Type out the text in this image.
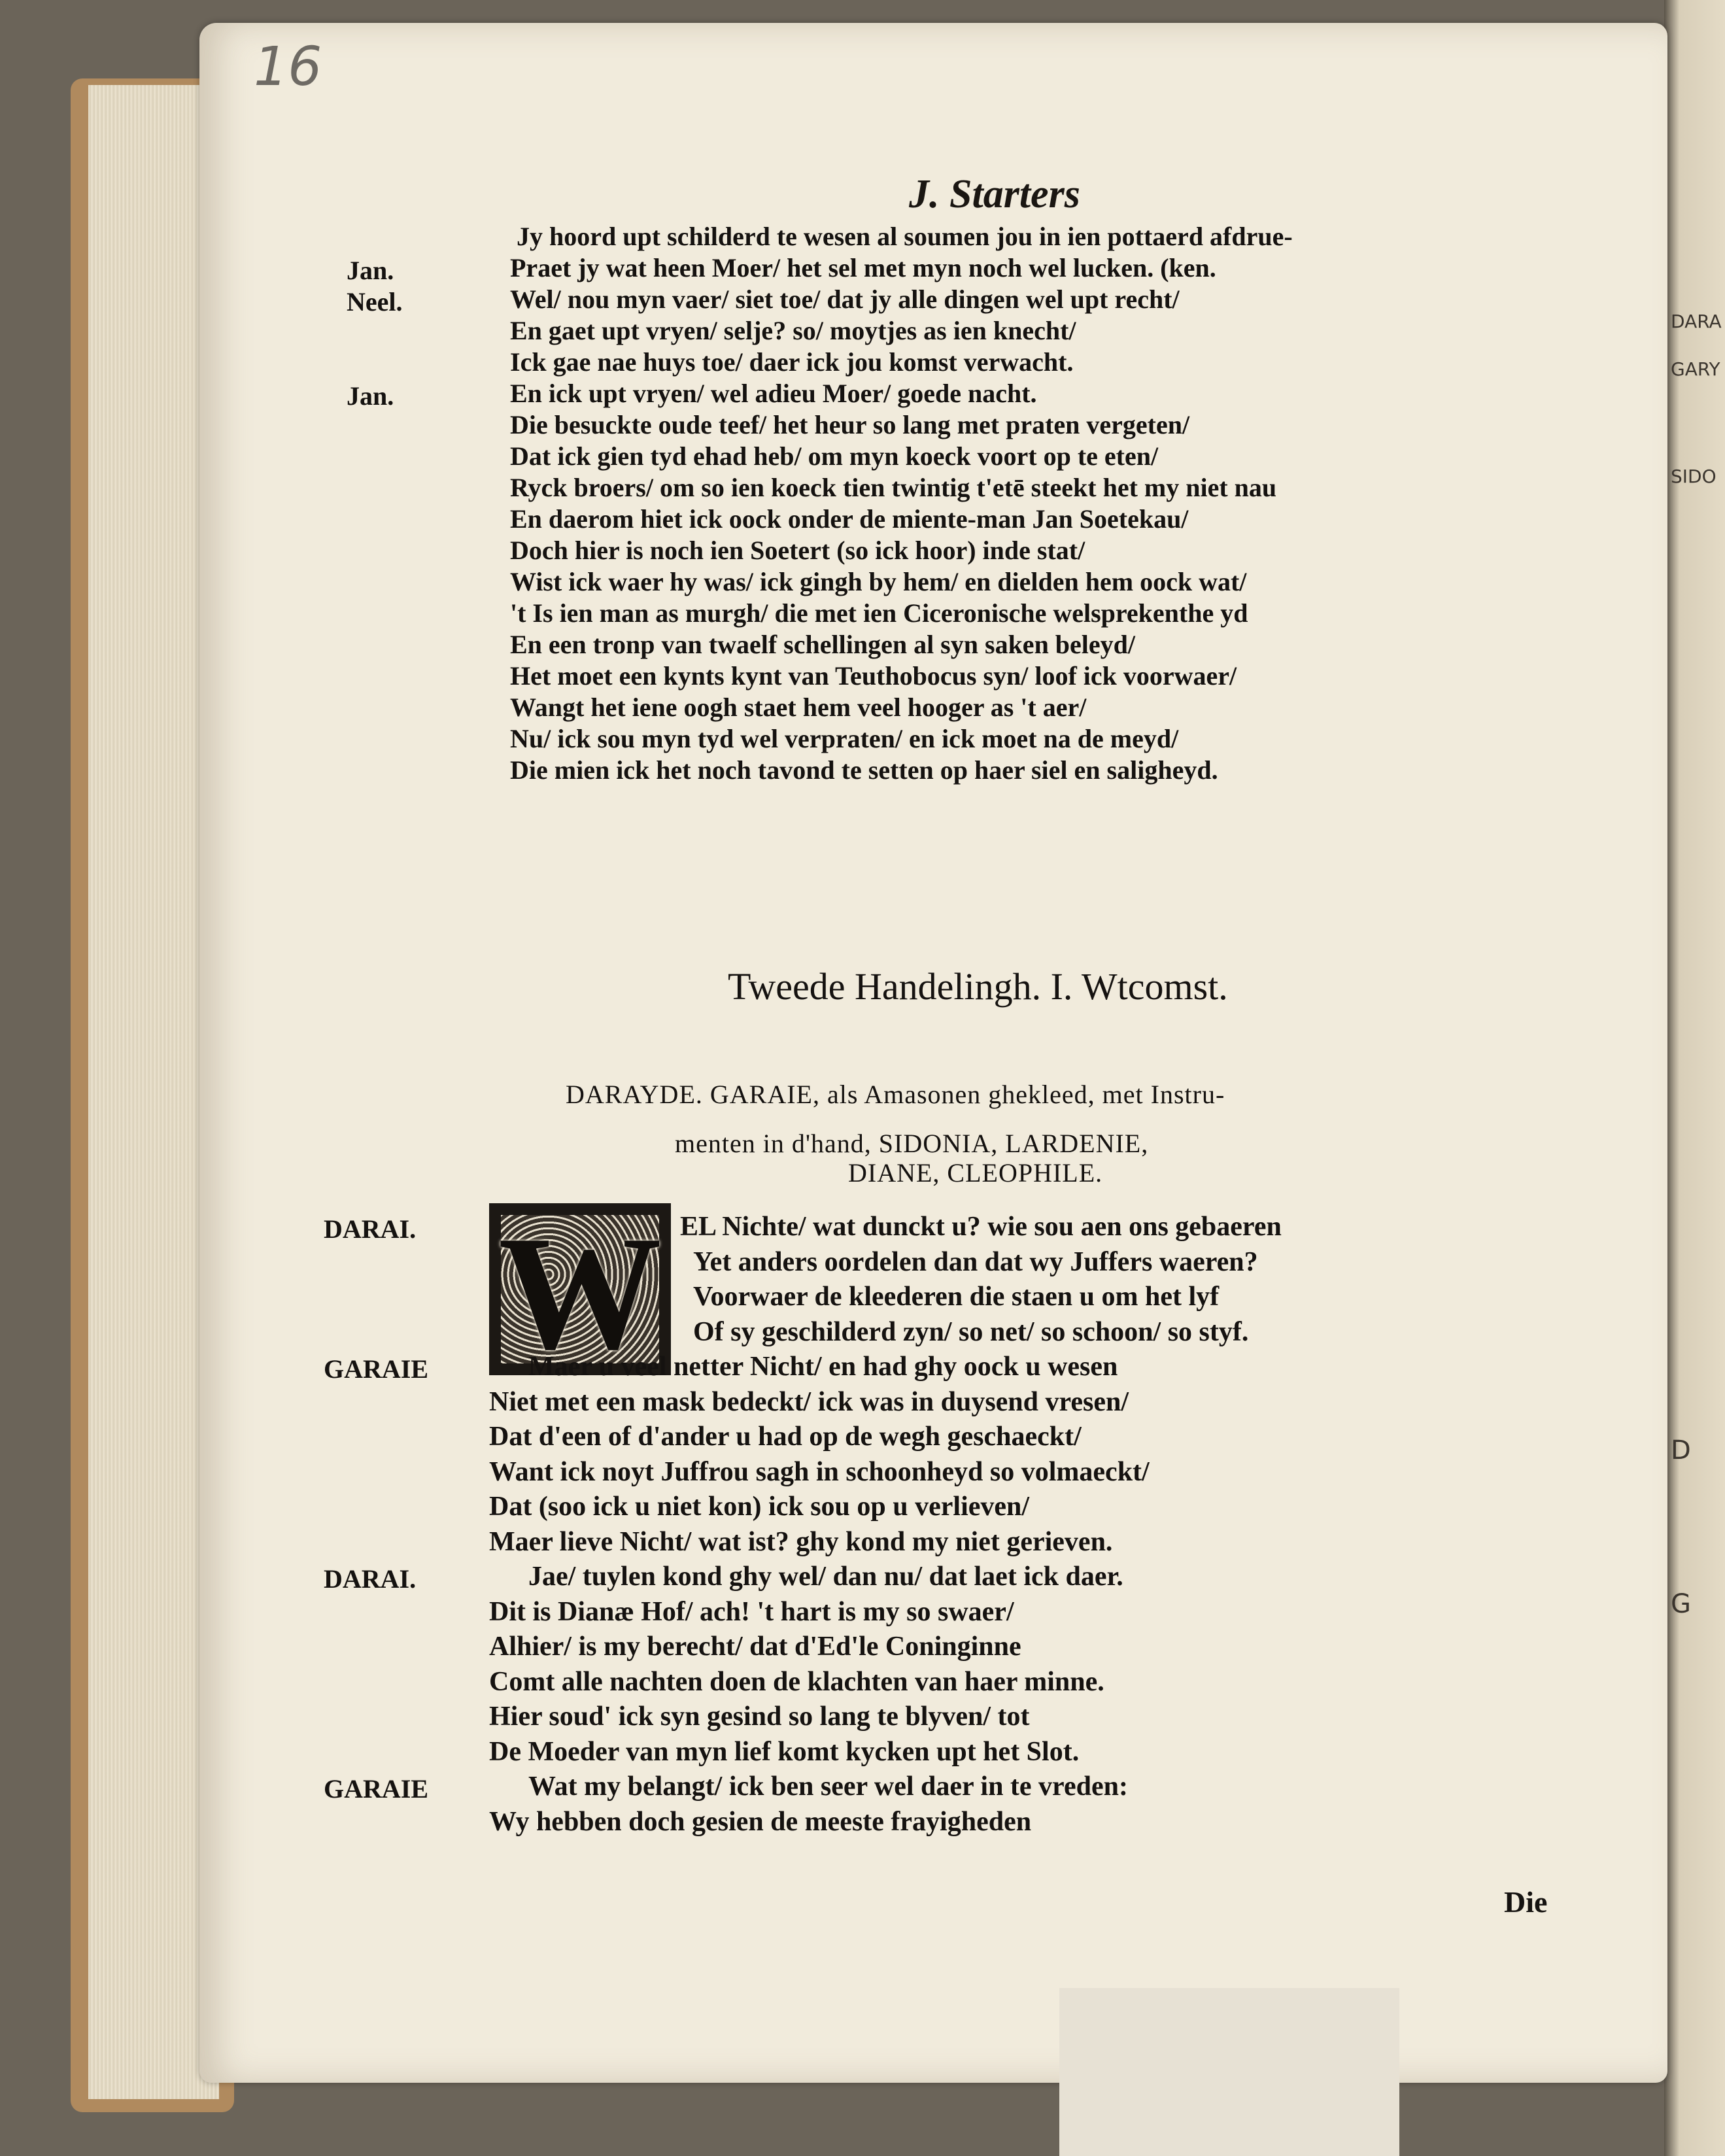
DARA
GARY
SIDO
D
G
16
J. Starters
Jy hoord upt schilderd te wesen al soumen jou in ien pottaerd afdrue-
Jan.	Praet jy wat heen Moer/ het sel met myn noch wel lucken. (ken.
Neel.	Wel/ nou myn vaer/ siet toe/ dat jy alle dingen wel upt recht/
En gaet upt vryen/ selje? so/ moytjes as ien knecht/
Ick gae nae huys toe/ daer ick jou komst verwacht.
Jan.	En ick upt vryen/ wel adieu Moer/ goede nacht.
Die besuckte oude teef/ het heur so lang met praten vergeten/
Dat ick gien tyd ehad heb/ om myn koeck voort op te eten/
Ryck broers/ om so ien koeck tien twintig t'etē steekt het my niet nau
En daerom hiet ick oock onder de miente-man Jan Soetekau/
Doch hier is noch ien Soetert (so ick hoor) inde stat/
Wist ick waer hy was/ ick gingh by hem/ en dielden hem oock wat/
't Is ien man as murgh/ die met ien Ciceronische welsprekenthe yd
En een tronp van twaelf schellingen al syn saken beleyd/
Het moet een kynts kynt van Teuthobocus syn/ loof ick voorwaer/
Wangt het iene oogh staet hem veel hooger as 't aer/
Nu/ ick sou myn tyd wel verpraten/ en ick moet na de meyd/
Die mien ick het noch tavond te setten op haer siel en saligheyd.
Tweede Handelingh. I. Wtcomst.
DARAYDE. GARAIE, als Amasonen ghekleed, met Instru-
menten in d'hand, SIDONIA, LARDENIE,
DIANE, CLEOPHILE.
W
DARAI.	EL Nichte/ wat dunckt u? wie sou aen ons gebaeren
Yet anders oordelen dan dat wy Juffers waeren?
Voorwaer de kleederen die staen u om het lyf
Of sy geschilderd zyn/ so net/ so schoon/ so styf.
GARAIE	Maer u veel netter Nicht/ en had ghy oock u wesen
Niet met een mask bedeckt/ ick was in duysend vresen/
Dat d'een of d'ander u had op de wegh geschaeckt/
Want ick noyt Juffrou sagh in schoonheyd so volmaeckt/
Dat (soo ick u niet kon) ick sou op u verlieven/
Maer lieve Nicht/ wat ist? ghy kond my niet gerieven.
DARAI.	Jae/ tuylen kond ghy wel/ dan nu/ dat laet ick daer.
Dit is Dianæ Hof/ ach! 't hart is my so swaer/
Alhier/ is my berecht/ dat d'Ed'le Coninginne
Comt alle nachten doen de klachten van haer minne.
Hier soud' ick syn gesind so lang te blyven/ tot
De Moeder van myn lief komt kycken upt het Slot.
GARAIE	Wat my belangt/ ick ben seer wel daer in te vreden:
Wy hebben doch gesien de meeste frayigheden
Die
